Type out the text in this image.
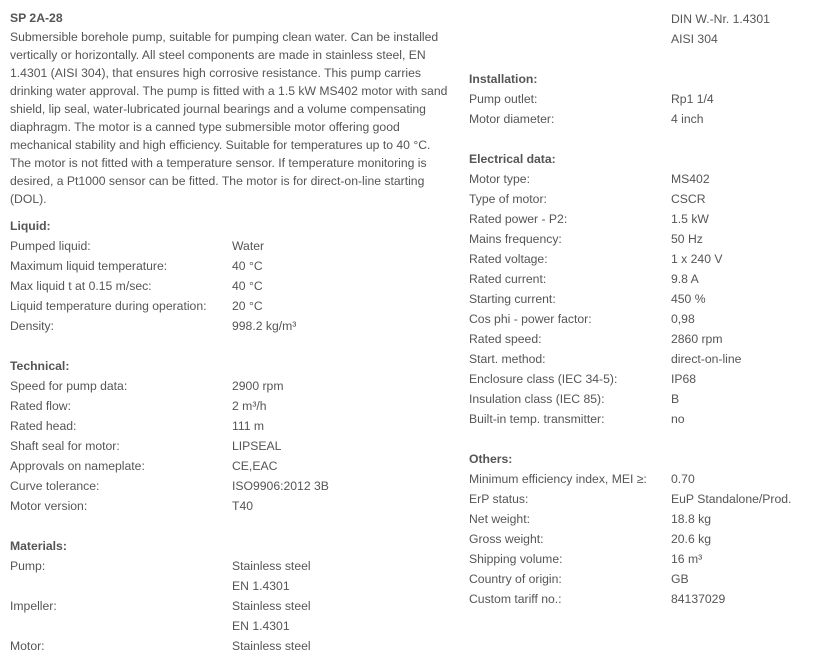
SP 2A-28

Submersible borehole pump, suitable for pumping clean water. Can be installed vertically or horizontally. All steel components are made in stainless steel, EN 1.4301 (AISI 304), that ensures high corrosive resistance. This pump carries drinking water approval. The pump is fitted with a 1.5 kW MS402 motor with sand shield, lip seal, water-lubricated journal bearings and a volume compensating diaphragm. The motor is a canned type submersible motor offering good mechanical stability and high efficiency. Suitable for temperatures up to 40 °C. The motor is not fitted with a temperature sensor. If temperature monitoring is desired, a Pt1000 sensor can be fitted. The motor is for direct-on-line starting (DOL).

Liquid:
Pumped liquid:	Water
Maximum liquid temperature:	40 °C
Max liquid t at 0.15 m/sec:	40 °C
Liquid temperature during operation: 20 °C
Density:	998.2 kg/m³
Technical:
Speed for pump data:	2900 rpm
Rated flow:	2 m³/h
Rated head:	111 m
Shaft seal for motor:	LIPSEAL
Approvals on nameplate:	CE,EAC
Curve tolerance:	ISO9906:2012 3B
Motor version:	T40
Materials:
Pump:	Stainless steel
EN 1.4301
Impeller:	Stainless steel
EN 1.4301
Motor:	Stainless steel
DIN W.-Nr. 1.4301
AISI 304
Installation:
Pump outlet:	Rp1 1/4
Motor diameter:	4 inch
Electrical data:
Motor type:	MS402
Type of motor:	CSCR
Rated power - P2:	1.5 kW
Mains frequency:	50 Hz
Rated voltage:	1 x 240 V
Rated current:	9.8 A
Starting current:	450 %
Cos phi - power factor:	0,98
Rated speed:	2860 rpm
Start. method:	direct-on-line
Enclosure class (IEC 34-5):	IP68
Insulation class (IEC 85):	B
Built-in temp. transmitter:	no
Others:
Minimum efficiency index, MEI ≥: 0.70
ErP status:	EuP Standalone/Prod.
Net weight:	18.8 kg
Gross weight:	20.6 kg
Shipping volume:	16 m³
Country of origin:	GB
Custom tariff no.:	84137029
